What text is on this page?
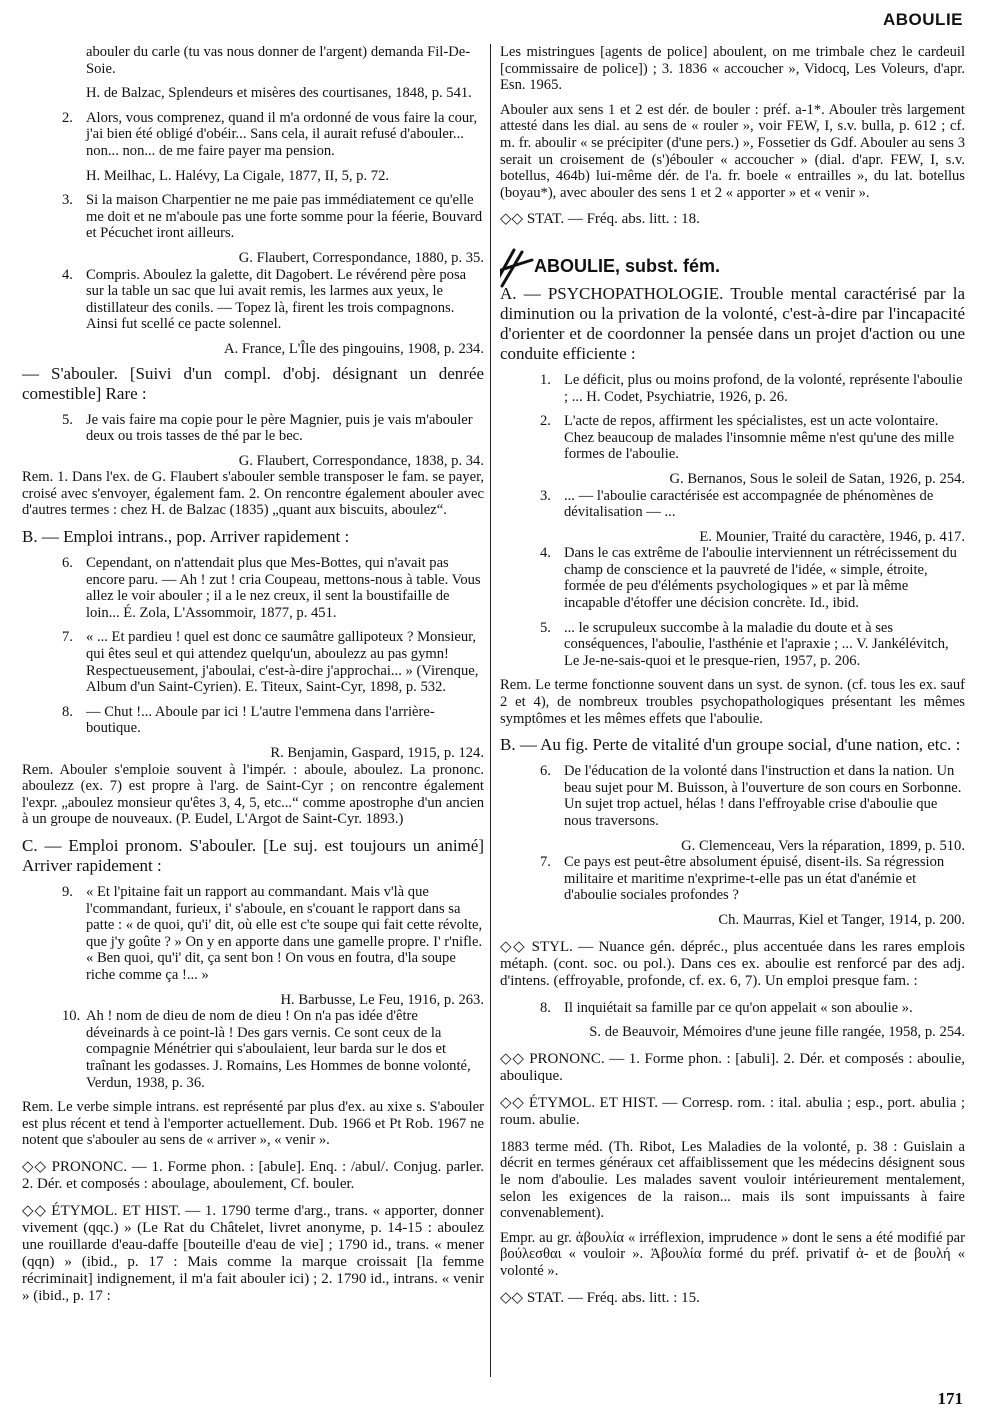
ABOULIE

abouler du carle (tu vas nous donner de l'argent) demanda Fil-De-Soie.

H. de Balzac, Splendeurs et misères des courtisanes, 1848, p. 541.

2. Alors, vous comprenez, quand il m'a ordonné de vous faire la cour, j'ai bien été obligé d'obéir... Sans cela, il aurait refusé d'abouler... non... non... de me faire payer ma pension.

H. Meilhac, L. Halévy, La Cigale, 1877, II, 5, p. 72.

3. Si la maison Charpentier ne me paie pas immédiatement ce qu'elle me doit et ne m'aboule pas une forte somme pour la féerie, Bouvard et Pécuchet iront ailleurs.

G. Flaubert, Correspondance, 1880, p. 35.

4. Compris. Aboulez la galette, dit Dagobert. Le révérend père posa sur la table un sac que lui avait remis, les larmes aux yeux, le distillateur des conils. — Topez là, firent les trois compagnons. Ainsi fut scellé ce pacte solennel.

A. France, L'Île des pingouins, 1908, p. 234.

— S'abouler. [Suivi d'un compl. d'obj. désignant un denrée comestible] Rare :

5. Je vais faire ma copie pour le père Magnier, puis je vais m'abouler deux ou trois tasses de thé par le bec.

G. Flaubert, Correspondance, 1838, p. 34.

Rem. 1. Dans l'ex. de G. Flaubert s'abouler semble transposer le fam. se payer, croisé avec s'envoyer, également fam. 2. On rencontre également abouler avec d'autres termes : chez H. de Balzac (1835) „quant aux biscuits, aboulez“.

B. — Emploi intrans., pop. Arriver rapidement :

6. Cependant, on n'attendait plus que Mes-Bottes, qui n'avait pas encore paru. — Ah ! zut ! cria Coupeau, mettons-nous à table. Vous allez le voir abouler ; il a le nez creux, il sent la boustifaille de loin... É. Zola, L'Assommoir, 1877, p. 451.
7. « ... Et pardieu ! quel est donc ce saumâtre gallipoteux ? Monsieur, qui êtes seul et qui attendez quelqu'un, aboulezz au pas gymn! Respectueusement, j'aboulai, c'est-à-dire j'approchai... » (Virenque, Album d'un Saint-Cyrien). E. Titeux, Saint-Cyr, 1898, p. 532.
8. — Chut !... Aboule par ici ! L'autre l'emmena dans l'arrière-boutique.

R. Benjamin, Gaspard, 1915, p. 124.

Rem. Abouler s'emploie souvent à l'impér. : aboule, aboulez. La prononc. aboulezz (ex. 7) est propre à l'arg. de Saint-Cyr ; on rencontre également l'expr. „aboulez monsieur qu'êtes 3, 4, 5, etc...“ comme apostrophe d'un ancien à un groupe de nouveaux. (P. Eudel, L'Argot de Saint-Cyr. 1893.)

C. — Emploi pronom. S'abouler. [Le suj. est toujours un animé] Arriver rapidement :

9. « Et l'pitaine fait un rapport au commandant. Mais v'là que l'commandant, furieux, i' s'aboule, en s'couant le rapport dans sa patte : « de quoi, qu'i' dit, où elle est c'te soupe qui fait cette révolte, que j'y goûte ? » On y en apporte dans une gamelle propre. I' r'nifle. « Ben quoi, qu'i' dit, ça sent bon ! On vous en foutra, d'la soupe riche comme ça !... »

H. Barbusse, Le Feu, 1916, p. 263.

10. Ah ! nom de dieu de nom de dieu ! On n'a pas idée d'être déveinards à ce point-là ! Des gars vernis. Ce sont ceux de la compagnie Ménétrier qui s'aboulaient, leur barda sur le dos et traînant les godasses. J. Romains, Les Hommes de bonne volonté, Verdun, 1938, p. 36.

Rem. Le verbe simple intrans. est représenté par plus d'ex. au xixe s. S'abouler est plus récent et tend à l'emporter actuellement. Dub. 1966 et Pt Rob. 1967 ne notent que s'abouler au sens de « arriver », « venir ».

◇◇ PRONONC. — 1. Forme phon. : [abule]. Enq. : /abul/. Conjug. parler. 2. Dér. et composés : aboulage, aboulement, Cf. bouler.

◇◇ ÉTYMOL. ET HIST. — 1. 1790 terme d'arg., trans. « apporter, donner vivement (qqc.) » (Le Rat du Châtelet, livret anonyme, p. 14-15 : aboulez une rouillarde d'eau-daffe [bouteille d'eau de vie] ; 1790 id., trans. « mener (qqn) » (ibid., p. 17 : Mais comme la marque croissait [la femme récriminait] indignement, il m'a fait abouler ici) ; 2. 1790 id., intrans. « venir » (ibid., p. 17 :

Les mistringues [agents de police] aboulent, on me trimbale chez le cardeuil [commissaire de police]) ; 3. 1836 « accoucher », Vidocq, Les Voleurs, d'apr. Esn. 1965.

Abouler aux sens 1 et 2 est dér. de bouler : préf. a-1*. Abouler très largement attesté dans les dial. au sens de « rouler », voir FEW, I, s.v. bulla, p. 612 ; cf. m. fr. aboulir « se précipiter (d'une pers.) », Fossetier ds Gdf. Abouler au sens 3 serait un croisement de (s')ébouler « accoucher » (dial. d'apr. FEW, I, s.v. botellus, 464b) lui-même dér. de l'a. fr. boele « entrailles », du lat. botellus (boyau*), avec abouler des sens 1 et 2 « apporter » et « venir ».

◇◇ STAT. — Fréq. abs. litt. : 18.

ABOULIE, subst. fém.

A. — PSYCHOPATHOLOGIE. Trouble mental caractérisé par la diminution ou la privation de la volonté, c'est-à-dire par l'incapacité d'orienter et de coordonner la pensée dans un projet d'action ou une conduite efficiente :

1. Le déficit, plus ou moins profond, de la volonté, représente l'aboulie ; ... H. Codet, Psychiatrie, 1926, p. 26.
2. L'acte de repos, affirment les spécialistes, est un acte volontaire. Chez beaucoup de malades l'insomnie même n'est qu'une des mille formes de l'aboulie.

G. Bernanos, Sous le soleil de Satan, 1926, p. 254.

3. ... — l'aboulie caractérisée est accompagnée de phénomènes de dévitalisation — ...

E. Mounier, Traité du caractère, 1946, p. 417.

4. Dans le cas extrême de l'aboulie interviennent un rétrécissement du champ de conscience et la pauvreté de l'idée, « simple, étroite, formée de peu d'éléments psychologiques » et par là même incapable d'étoffer une décision concrète. Id., ibid.
5. ... le scrupuleux succombe à la maladie du doute et à ses conséquences, l'aboulie, l'asthénie et l'apraxie ; ... V. Jankélévitch, Le Je-ne-sais-quoi et le presque-rien, 1957, p. 206.

Rem. Le terme fonctionne souvent dans un syst. de synon. (cf. tous les ex. sauf 2 et 4), de nombreux troubles psychopathologiques présentant les mêmes symptômes et les mêmes effets que l'aboulie.

B. — Au fig. Perte de vitalité d'un groupe social, d'une nation, etc. :

6. De l'éducation de la volonté dans l'instruction et dans la nation. Un beau sujet pour M. Buisson, à l'ouverture de son cours en Sorbonne. Un sujet trop actuel, hélas ! dans l'effroyable crise d'aboulie que nous traversons.

G. Clemenceau, Vers la réparation, 1899, p. 510.

7. Ce pays est peut-être absolument épuisé, disent-ils. Sa régression militaire et maritime n'exprime-t-elle pas un état d'anémie et d'aboulie sociales profondes ?

Ch. Maurras, Kiel et Tanger, 1914, p. 200.

◇◇ STYL. — Nuance gén. dépréc., plus accentuée dans les rares emplois métaph. (cont. soc. ou pol.). Dans ces ex. aboulie est renforcé par des adj. d'intens. (effroyable, profonde, cf. ex. 6, 7). Un emploi presque fam. :

8. Il inquiétait sa famille par ce qu'on appelait « son aboulie ».

S. de Beauvoir, Mémoires d'une jeune fille rangée, 1958, p. 254.

◇◇ PRONONC. — 1. Forme phon. : [abuli]. 2. Dér. et composés : aboulie, aboulique.

◇◇ ÉTYMOL. ET HIST. — Corresp. rom. : ital. abulia ; esp., port. abulia ; roum. abulie.

1883 terme méd. (Th. Ribot, Les Maladies de la volonté, p. 38 : Guislain a décrit en termes généraux cet affaiblissement que les médecins désignent sous le nom d'aboulie. Les malades savent vouloir intérieurement mentalement, selon les exigences de la raison... mais ils sont impuissants à faire convenablement).

Empr. au gr. ἀβουλία « irréflexion, imprudence » dont le sens a été modifié par βούλεσθαι « vouloir ». Ἀβουλία formé du préf. privatif ἀ- et de βουλή « volonté ».

◇◇ STAT. — Fréq. abs. litt. : 15.

171
